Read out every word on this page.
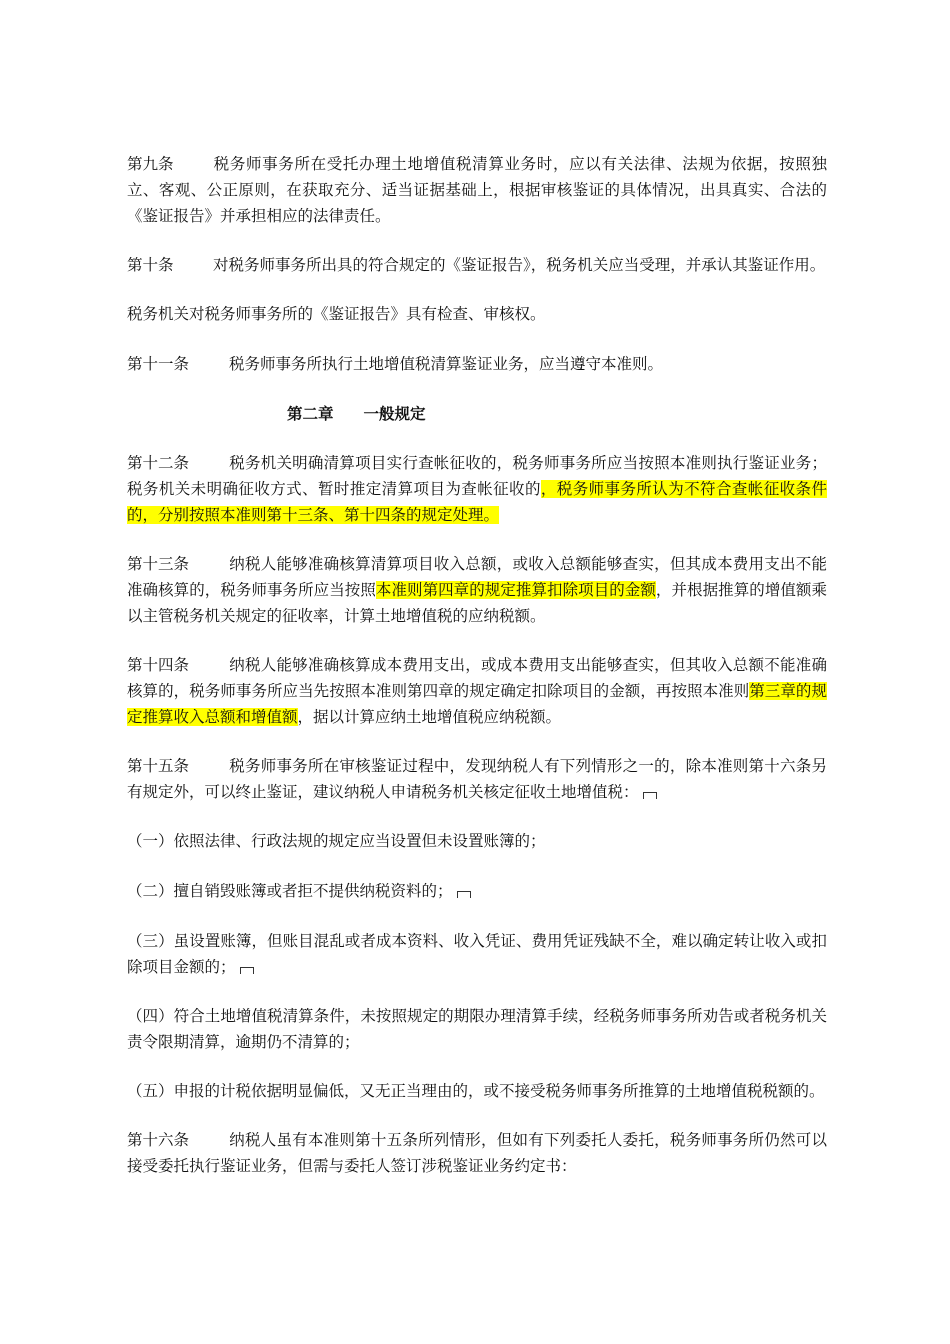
第九条	税务师事务所在受托办理土地增值税清算业务时，应以有关法律、法规为依据，按照独立、客观、公正原则，在获取充分、适当证据基础上，根据审核鉴证的具体情况，出具真实、合法的《鉴证报告》并承担相应的法律责任。

第十条	对税务师事务所出具的符合规定的《鉴证报告》，税务机关应当受理，并承认其鉴证作用。

税务机关对税务师事务所的《鉴证报告》具有检查、审核权。

第十一条	税务师事务所执行土地增值税清算鉴证业务，应当遵守本准则。

第二章 一般规定

第十二条	税务机关明确清算项目实行查帐征收的，税务师事务所应当按照本准则执行鉴证业务；税务机关未明确征收方式、暂时推定清算项目为查帐征收的，税务师事务所认为不符合查帐征收条件的，分别按照本准则第十三条、第十四条的规定处理。

第十三条	纳税人能够准确核算清算项目收入总额，或收入总额能够查实，但其成本费用支出不能准确核算的，税务师事务所应当按照本准则第四章的规定推算扣除项目的金额，并根据推算的增值额乘以主管税务机关规定的征收率，计算土地增值税的应纳税额。

第十四条	纳税人能够准确核算成本费用支出，或成本费用支出能够查实，但其收入总额不能准确核算的，税务师事务所应当先按照本准则第四章的规定确定扣除项目的金额，再按照本准则第三章的规定推算收入总额和增值额，据以计算应纳土地增值税应纳税额。

第十五条	税务师事务所在审核鉴证过程中，发现纳税人有下列情形之一的，除本准则第十六条另有规定外，可以终止鉴证，建议纳税人申请税务机关核定征收土地增值税：

（一）依照法律、行政法规的规定应当设置但未设置账簿的；

（二）擅自销毁账簿或者拒不提供纳税资料的；

（三）虽设置账簿，但账目混乱或者成本资料、收入凭证、费用凭证残缺不全，难以确定转让收入或扣除项目金额的；

（四）符合土地增值税清算条件，未按照规定的期限办理清算手续，经税务师事务所劝告或者税务机关责令限期清算，逾期仍不清算的；

（五）申报的计税依据明显偏低，又无正当理由的，或不接受税务师事务所推算的土地增值税税额的。

第十六条	纳税人虽有本准则第十五条所列情形，但如有下列委托人委托，税务师事务所仍然可以接受委托执行鉴证业务，但需与委托人签订涉税鉴证业务约定书：
